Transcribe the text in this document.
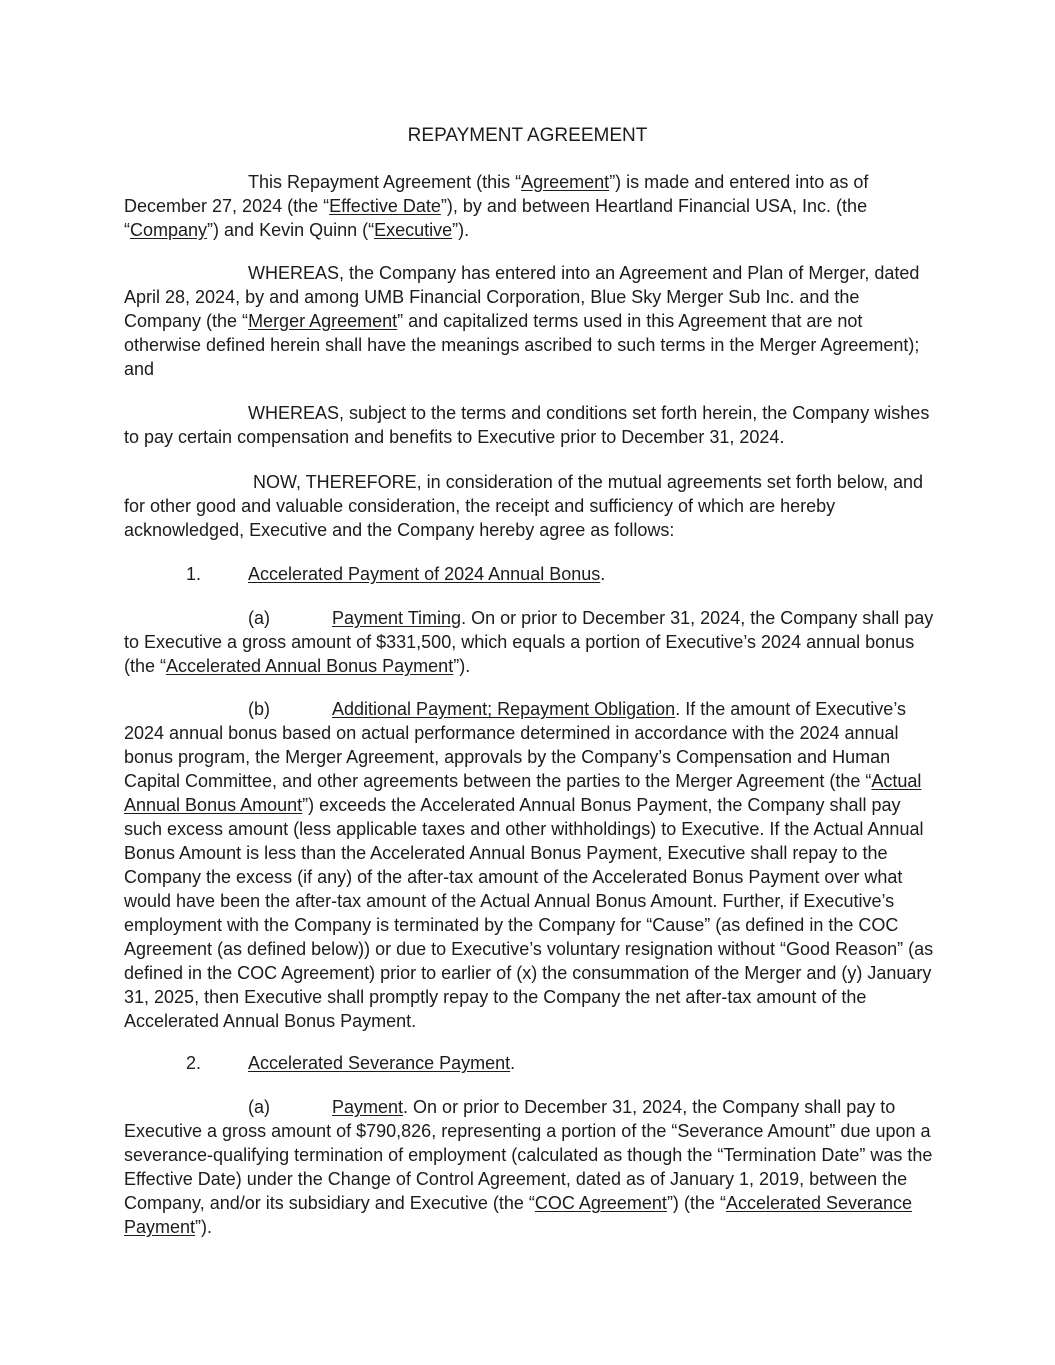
REPAYMENT AGREEMENT

This Repayment Agreement (this “Agreement”) is made and entered into as of December 27, 2024 (the “Effective Date”), by and between Heartland Financial USA, Inc. (the “Company”) and Kevin Quinn (“Executive”).

WHEREAS, the Company has entered into an Agreement and Plan of Merger, dated April 28, 2024, by and among UMB Financial Corporation, Blue Sky Merger Sub Inc. and the Company (the “Merger Agreement” and capitalized terms used in this Agreement that are not otherwise defined herein shall have the meanings ascribed to such terms in the Merger Agreement); and

WHEREAS, subject to the terms and conditions set forth herein, the Company wishes to pay certain compensation and benefits to Executive prior to December 31, 2024.

NOW, THEREFORE, in consideration of the mutual agreements set forth below, and for other good and valuable consideration, the receipt and sufficiency of which are hereby acknowledged, Executive and the Company hereby agree as follows:

1.	Accelerated Payment of 2024 Annual Bonus.

(a)	Payment Timing. On or prior to December 31, 2024, the Company shall pay to Executive a gross amount of $331,500, which equals a portion of Executive’s 2024 annual bonus (the “Accelerated Annual Bonus Payment”).

(b)	Additional Payment; Repayment Obligation. If the amount of Executive’s 2024 annual bonus based on actual performance determined in accordance with the 2024 annual bonus program, the Merger Agreement, approvals by the Company’s Compensation and Human Capital Committee, and other agreements between the parties to the Merger Agreement (the “Actual Annual Bonus Amount”) exceeds the Accelerated Annual Bonus Payment, the Company shall pay such excess amount (less applicable taxes and other withholdings) to Executive. If the Actual Annual Bonus Amount is less than the Accelerated Annual Bonus Payment, Executive shall repay to the Company the excess (if any) of the after-tax amount of the Accelerated Bonus Payment over what would have been the after-tax amount of the Actual Annual Bonus Amount. Further, if Executive’s employment with the Company is terminated by the Company for “Cause” (as defined in the COC Agreement (as defined below)) or due to Executive’s voluntary resignation without “Good Reason” (as defined in the COC Agreement) prior to earlier of (x) the consummation of the Merger and (y) January 31, 2025, then Executive shall promptly repay to the Company the net after-tax amount of the Accelerated Annual Bonus Payment.

2.	Accelerated Severance Payment.

(a)	Payment. On or prior to December 31, 2024, the Company shall pay to Executive a gross amount of $790,826, representing a portion of the “Severance Amount” due upon a severance-qualifying termination of employment (calculated as though the “Termination Date” was the Effective Date) under the Change of Control Agreement, dated as of January 1, 2019, between the Company, and/or its subsidiary and Executive (the “COC Agreement”) (the “Accelerated Severance Payment”).
